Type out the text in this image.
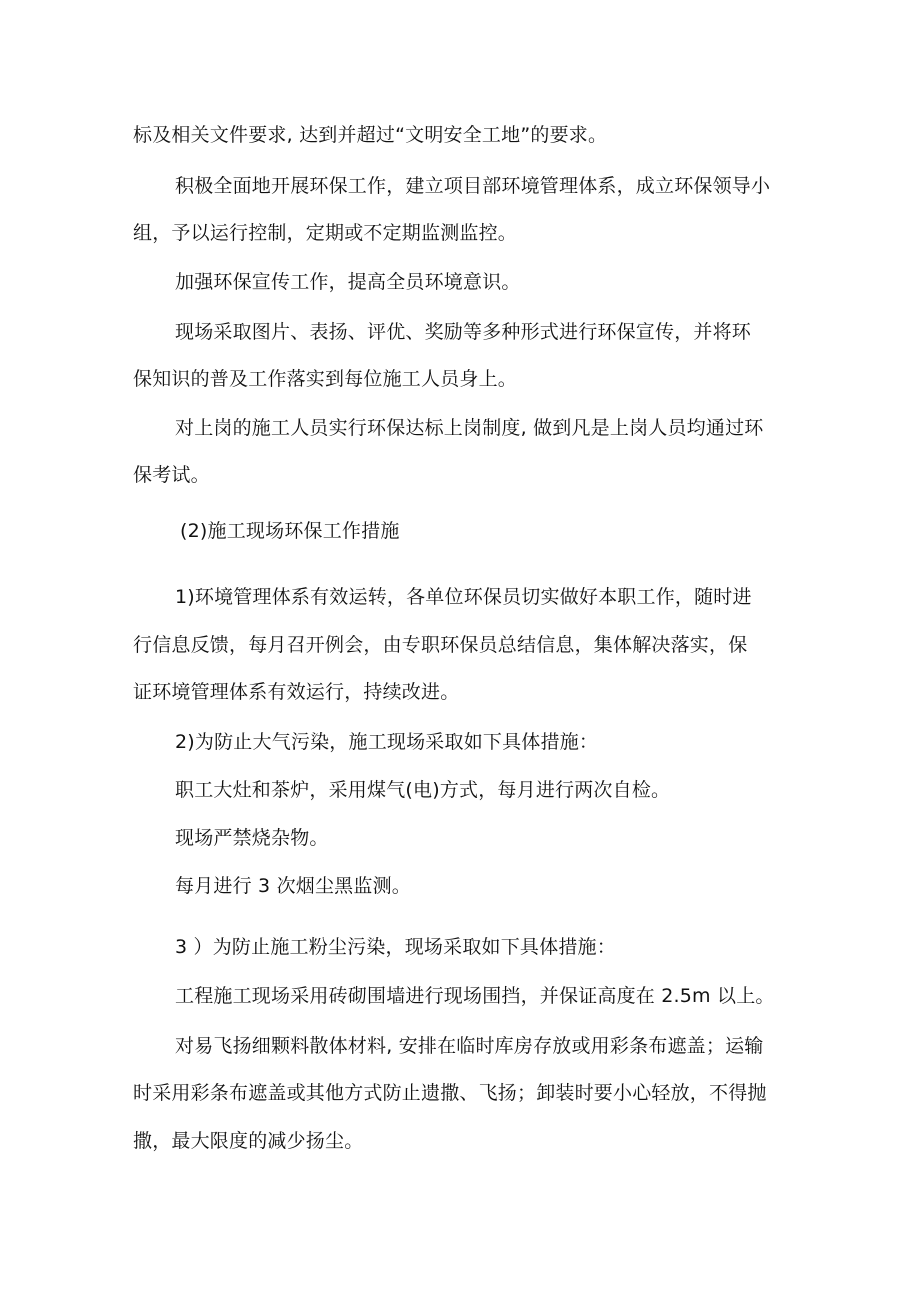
标及相关文件要求, 达到并超过“文明安全工地”的要求。
积极全面地开展环保工作，建立项目部环境管理体系，成立环保领导小
组，予以运行控制，定期或不定期监测监控。
加强环保宣传工作，提高全员环境意识。
现场采取图片、表扬、评优、奖励等多种形式进行环保宣传，并将环
保知识的普及工作落实到每位施工人员身上。
对上岗的施工人员实行环保达标上岗制度, 做到凡是上岗人员均通过环
保考试。
(2)施工现场环保工作措施
1)环境管理体系有效运转，各单位环保员切实做好本职工作，随时进
行信息反馈，每月召开例会，由专职环保员总结信息，集体解决落实，保
证环境管理体系有效运行，持续改进。
2)为防止大气污染，施工现场采取如下具体措施：
职工大灶和茶炉，采用煤气(电)方式，每月进行两次自检。
现场严禁烧杂物。
每月进行 3 次烟尘黑监测。
3 ）为防止施工粉尘污染，现场采取如下具体措施：
工程施工现场采用砖砌围墙进行现场围挡，并保证高度在 2.5m 以上。
对易飞扬细颗料散体材料, 安排在临时库房存放或用彩条布遮盖；运输
时采用彩条布遮盖或其他方式防止遗撒、飞扬；卸装时要小心轻放，不得抛
撒，最大限度的减少扬尘。
